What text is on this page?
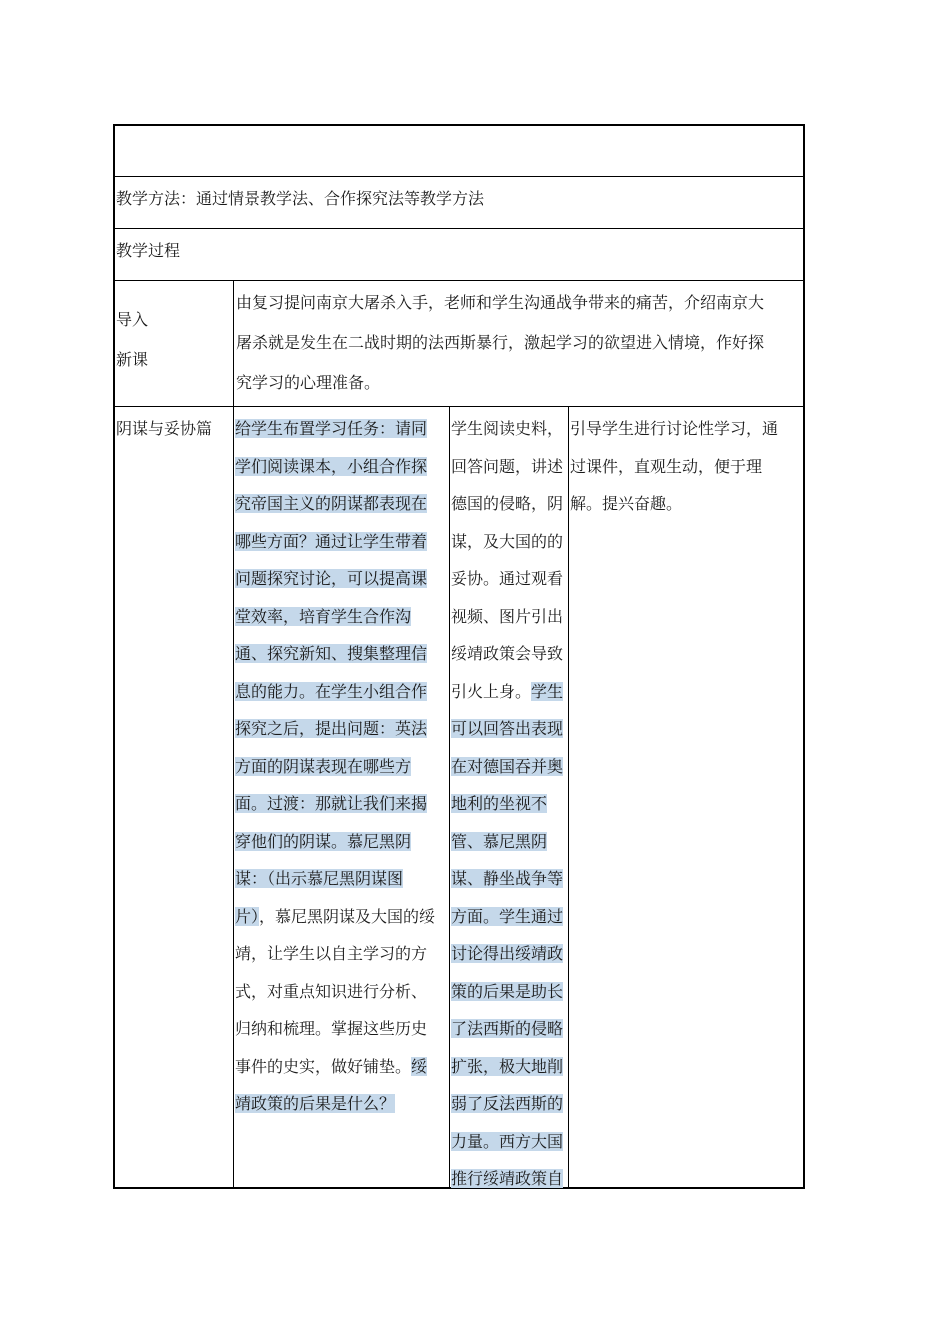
教学方法：通过情景教学法、合作探究法等教学方法
教学过程
导入
新课
由复习提问南京大屠杀入手，老师和学生沟通战争带来的痛苦，介绍南京大
屠杀就是发生在二战时期的法西斯暴行，激起学习的欲望进入情境，作好探
究学习的心理准备。
阴谋与妥协篇 给学生布置学习任务：请同
学们阅读课本，小组合作探
究帝国主义的阴谋都表现在
哪些方面？通过让学生带着
问题探究讨论，可以提高课
堂效率，培育学生合作沟
通、探究新知、搜集整理信
息的能力。在学生小组合作
探究之后，提出问题：英法
方面的阴谋表现在哪些方
面。过渡：那就让我们来揭
穿他们的阴谋。慕尼黑阴
谋：（出示慕尼黑阴谋图
片），慕尼黑阴谋及大国的绥
靖，让学生以自主学习的方
式，对重点知识进行分析、
归纳和梳理。掌握这些历史
事件的史实，做好铺垫。绥
靖政策的后果是什么？
学生阅读史料，
回答问题，讲述
德国的侵略，阴
谋，及大国的的
妥协。通过观看
视频、图片引出
绥靖政策会导致
引火上身。学生
可以回答出表现
在对德国吞并奥
地利的坐视不
管、慕尼黑阴
谋、静坐战争等
方面。学生通过
讨论得出绥靖政
策的后果是助长
了法西斯的侵略
扩张，极大地削
弱了反法西斯的
力量。西方大国
推行绥靖政策自
引导学生进行讨论性学习，通
过课件，直观生动，便于理
解。提兴奋趣。
